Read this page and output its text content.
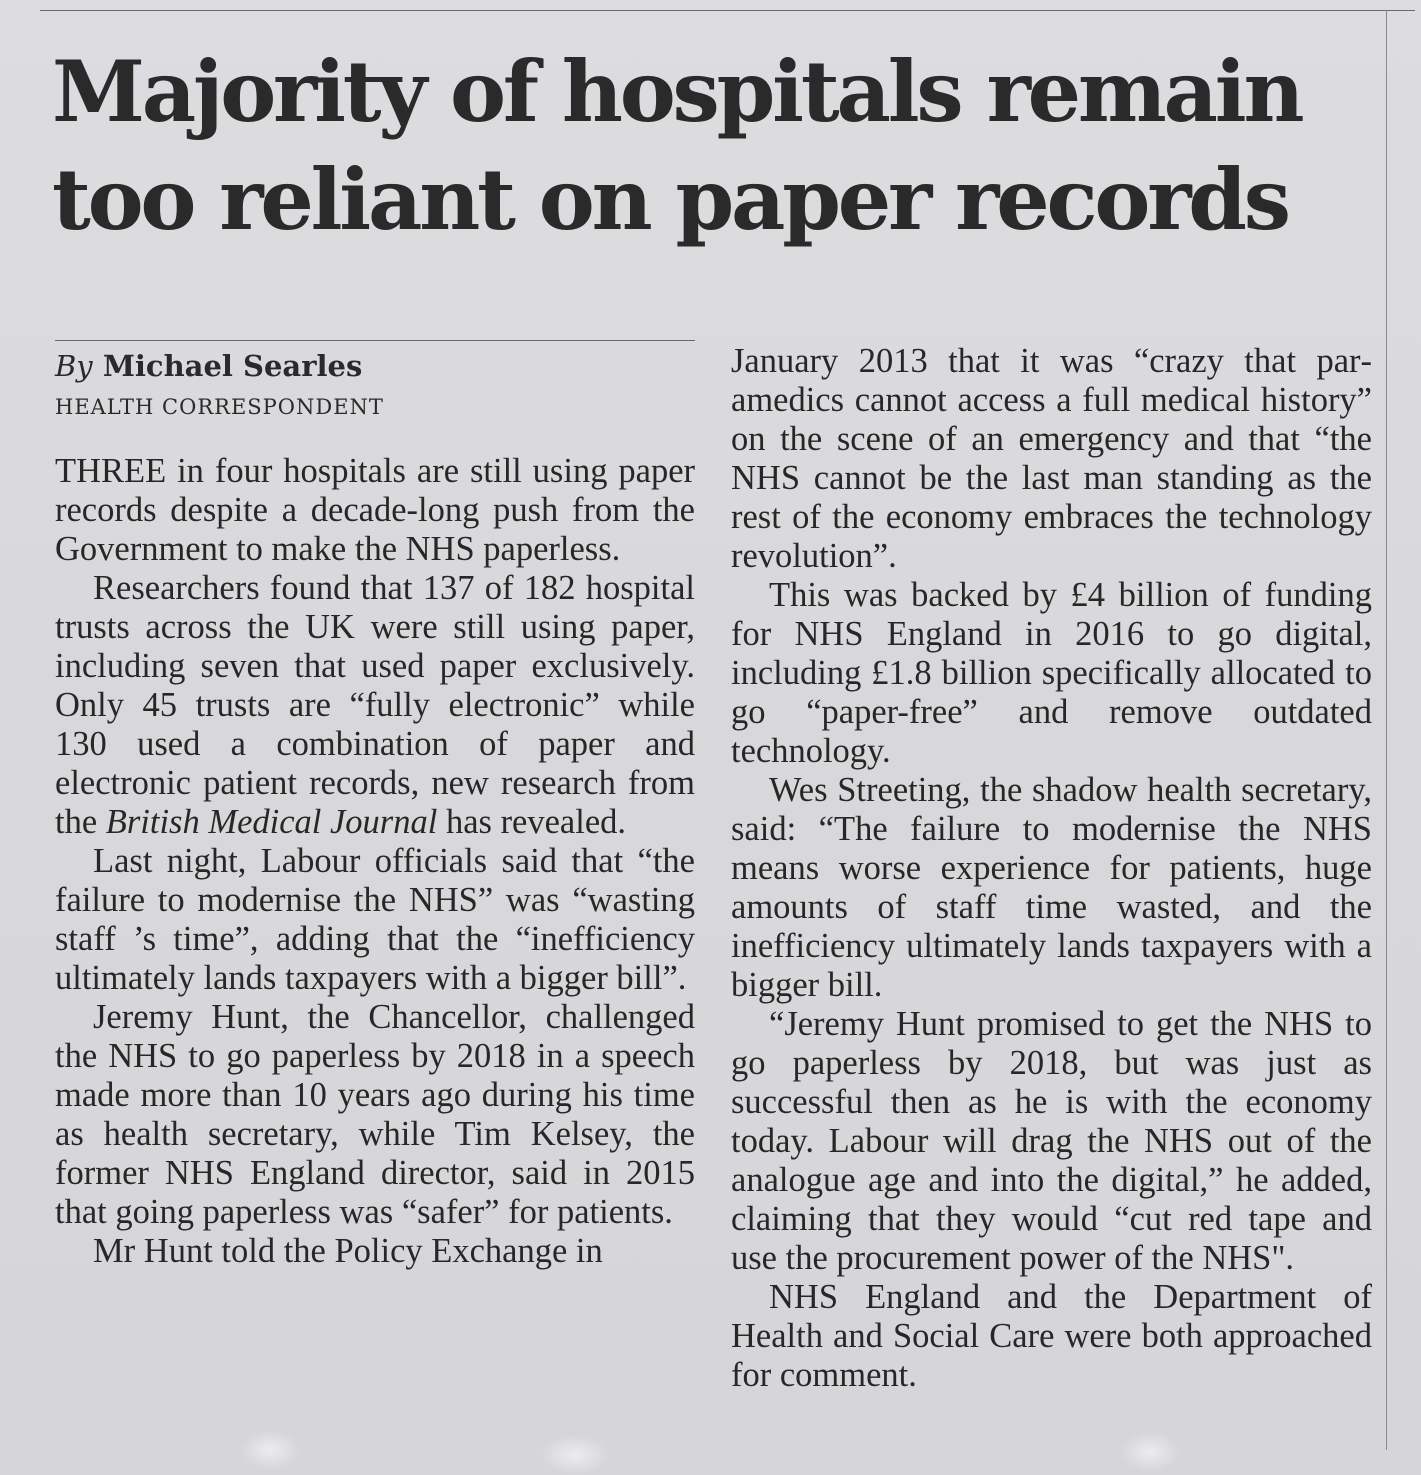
Majority of hospitals remain
too reliant on paper records
By Michael Searles
HEALTH CORRESPONDENT

THREE in four hospitals are still using paper records despite a decade-long push from the Government to make the NHS paperless.

Researchers found that 137 of 182 hospital trusts across the UK were still using paper, including seven that used paper exclusively. Only 45 trusts are “fully electronic” while 130 used a combination of paper and electronic patient records, new research from the British Medical Journal has revealed.

Last night, Labour officials said that “the failure to modernise the NHS” was “wasting staff ’s time”, adding that the “inefficiency ultimately lands taxpayers with a bigger bill”.

Jeremy Hunt, the Chancellor, challenged the NHS to go paperless by 2018 in a speech made more than 10 years ago during his time as health secretary, while Tim Kelsey, the former NHS England director, said in 2015 that going paperless was “safer” for patients.

Mr Hunt told the Policy Exchange in

January 2013 that it was “crazy that paramedics cannot access a full medical history” on the scene of an emergency and that “the NHS cannot be the last man standing as the rest of the economy embraces the technology revolution”.

This was backed by £4 billion of funding for NHS England in 2016 to go digital, including £1.8 billion specifically allocated to go “paper-free” and remove outdated technology.

Wes Streeting, the shadow health secretary, said: “The failure to modernise the NHS means worse experience for patients, huge amounts of staff time wasted, and the inefficiency ultimately lands taxpayers with a bigger bill.

“Jeremy Hunt promised to get the NHS to go paperless by 2018, but was just as successful then as he is with the economy today. Labour will drag the NHS out of the analogue age and into the digital,” he added, claiming that they would “cut red tape and use the procurement power of the NHS".

NHS England and the Department of Health and Social Care were both approached for comment.
